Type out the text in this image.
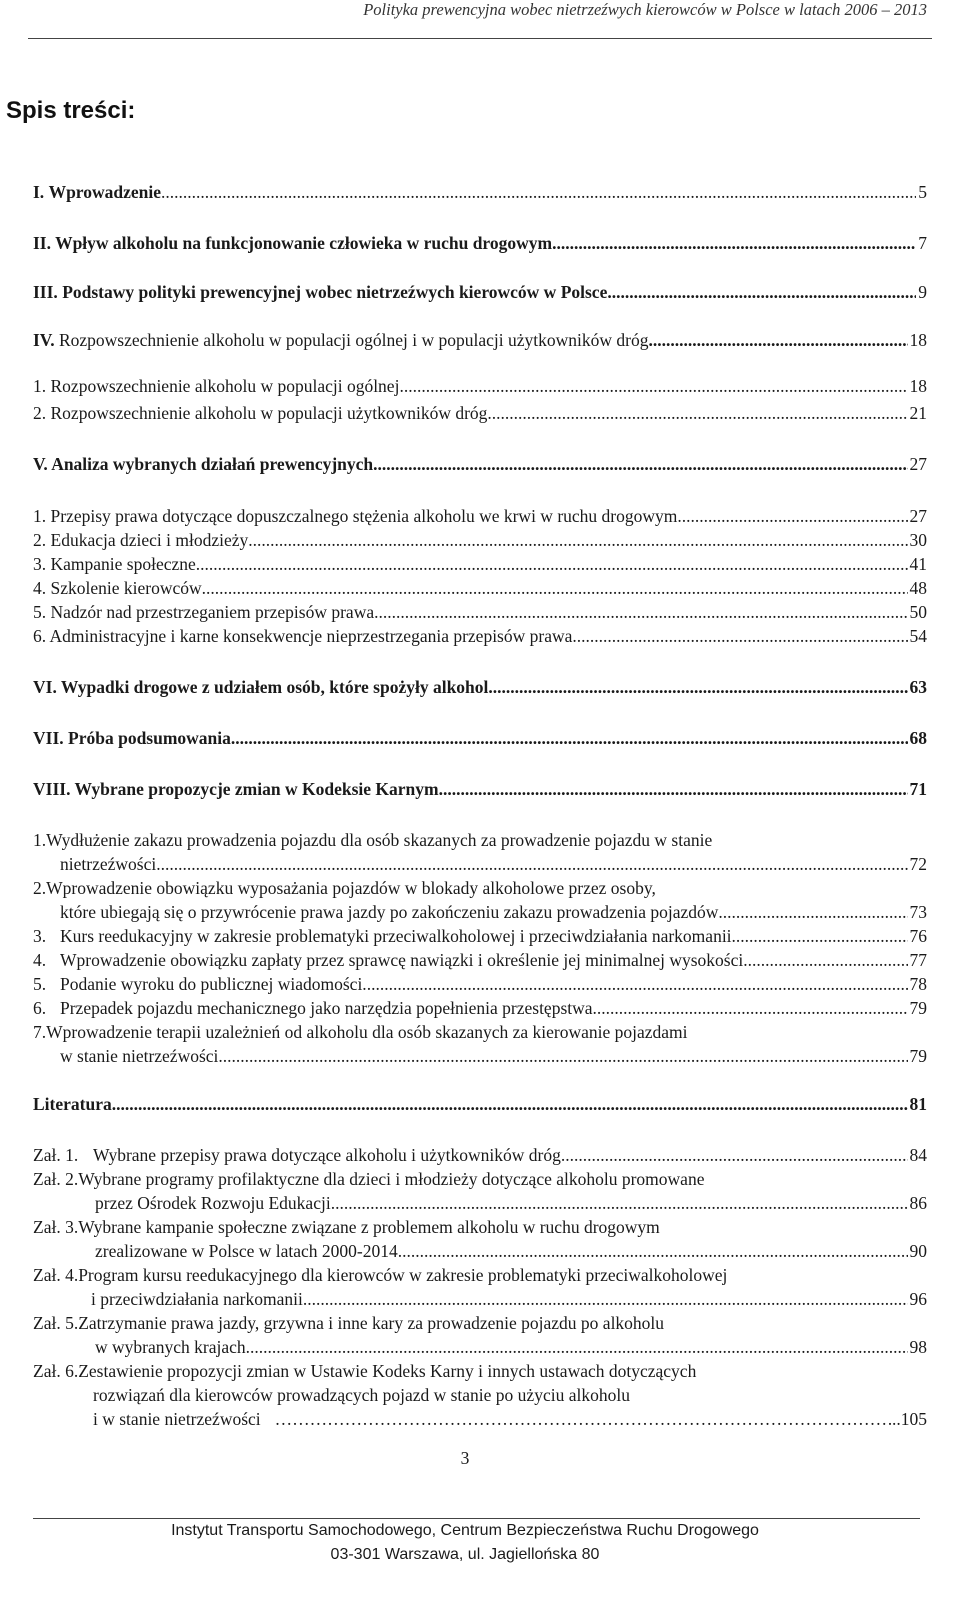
Polityka prewencyjna wobec nietrzeźwych kierowców w Polsce w latach 2006 – 2013
Spis treści:
I. Wprowadzenie .....	5
II. Wpływ alkoholu na funkcjonowanie człowieka w ruchu drogowym .....	7
III. Podstawy polityki prewencyjnej wobec nietrzeźwych kierowców w Polsce .....	9
IV. Rozpowszechnienie alkoholu w populacji ogólnej i w populacji użytkowników dróg .....	18
1. Rozpowszechnienie alkoholu w populacji ogólnej .....	18
2. Rozpowszechnienie alkoholu w populacji użytkowników dróg .....	21
V. Analiza wybranych działań prewencyjnych .....	27
1. Przepisy prawa dotyczące dopuszczalnego stężenia alkoholu we krwi w ruchu drogowym .....	27
2. Edukacja dzieci i młodzieży .....	30
3. Kampanie społeczne .....	41
4. Szkolenie kierowców .....	48
5. Nadzór nad przestrzeganiem przepisów prawa .....	50
6. Administracyjne i karne konsekwencje nieprzestrzegania przepisów prawa .....	54
VI. Wypadki drogowe z udziałem osób, które spożyły alkohol .....	63
VII. Próba podsumowania .....	68
VIII. Wybrane propozycje zmian w Kodeksie Karnym .....	71
1.Wydłużenie zakazu prowadzenia pojazdu dla osób skazanych za prowadzenie pojazdu w stanie
nietrzeźwości .....	72
2.Wprowadzenie obowiązku wyposażania pojazdów w blokady alkoholowe przez osoby,
które ubiegają się o przywrócenie prawa jazdy po zakończeniu zakazu prowadzenia pojazdów .....	73
3. Kurs reedukacyjny w zakresie problematyki przeciwalkoholowej i przeciwdziałania narkomanii .....	76
4. Wprowadzenie obowiązku zapłaty przez sprawcę nawiązki i określenie jej minimalnej wysokości. .....	77
5. Podanie wyroku do publicznej wiadomości. .....	78
6. Przepadek pojazdu mechanicznego jako narzędzia popełnienia przestępstwa .....	79
7.Wprowadzenie terapii uzależnień od alkoholu dla osób skazanych za kierowanie pojazdami
w stanie nietrzeźwości. .....	79
Literatura .....	81
Zał. 1. Wybrane przepisy prawa dotyczące alkoholu i użytkowników dróg .....	84
Zał. 2.Wybrane programy profilaktyczne dla dzieci i młodzieży dotyczące alkoholu promowane
przez Ośrodek Rozwoju Edukacji .....	86
Zał. 3.Wybrane kampanie społeczne związane z problemem alkoholu w ruchu drogowym
zrealizowane w Polsce w latach 2000-2014 .....	90
Zał. 4.Program kursu reedukacyjnego dla kierowców w zakresie problematyki przeciwalkoholowej
i przeciwdziałania narkomanii .....	96
Zał. 5.Zatrzymanie prawa jazdy, grzywna i inne kary za prowadzenie pojazdu po alkoholu
w wybranych krajach .....	98
Zał. 6.Zestawienie propozycji zmian w Ustawie Kodeks Karny i innych ustawach dotyczących
rozwiązań dla kierowców prowadzących pojazd w stanie po użyciu alkoholu
i w stanie nietrzeźwości ……………………………………………………………………………………………………………………………………………………	..105
3
Instytut Transportu Samochodowego, Centrum Bezpieczeństwa Ruchu Drogowego
03-301 Warszawa, ul. Jagiellońska 80
